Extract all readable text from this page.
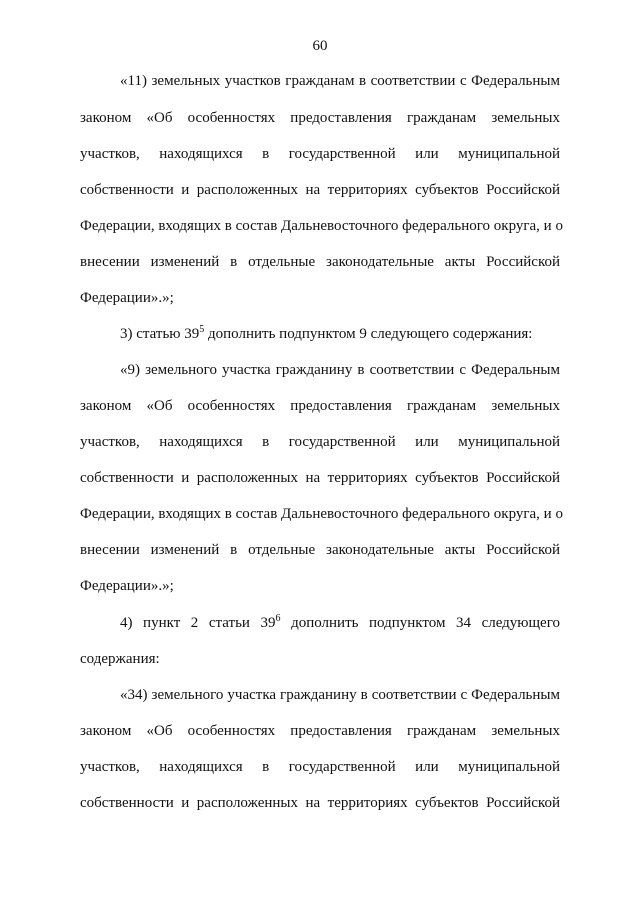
60

«11) земельных участков гражданам в соответствии с Федеральным

законом «Об особенностях предоставления гражданам земельных

участков, находящихся в государственной или муниципальной

собственности и расположенных на территориях субъектов Российской

Федерации, входящих в состав Дальневосточного федерального округа, и о

внесении изменений в отдельные законодательные акты Российской

Федерации».»;

3) статью $39^5$ дополнить подпунктом 9 следующего содержания:

«9) земельного участка гражданину в соответствии с Федеральным

законом «Об особенностях предоставления гражданам земельных

участков, находящихся в государственной или муниципальной

собственности и расположенных на территориях субъектов Российской

Федерации, входящих в состав Дальневосточного федерального округа, и о

внесении изменений в отдельные законодательные акты Российской

Федерации».»;

4) пункт 2 статьи $39^6$ дополнить подпунктом 34 следующего

содержания:

«34) земельного участка гражданину в соответствии с Федеральным

законом «Об особенностях предоставления гражданам земельных

участков, находящихся в государственной или муниципальной

собственности и расположенных на территориях субъектов Российской
